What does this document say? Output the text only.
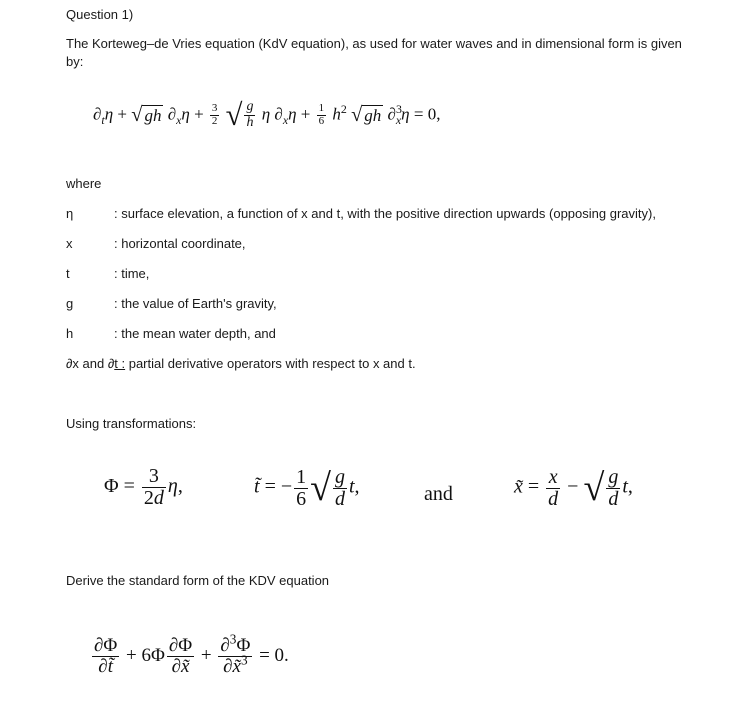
Question 1)
The Korteweg–de Vries equation (KdV equation), as used for water waves and in dimensional form is given by:
$\partial_t\eta$ + √ gh $\partial_x\eta + \frac{3}{2}$ √ $\frac{g}{h}$ η $\partial_x\eta + \frac{1}{6} h^2$ √ gh ∂$^3_x$η = 0,
where
η	: surface elevation, a function of x and t, with the positive direction upwards (opposing gravity),
x	: horizontal coordinate,
t	: time,
g	: the value of Earth's gravity,
h	: the mean water depth, and
∂x and ∂t : partial derivative operators with respect to x and t.
Using transformations:
$\Phi = \frac{3}{2d} \eta$,	t̃ = − $\frac{1}{6}$ √ $\frac{g}{d} t$,	and	x̃ = $\frac{x}{d}$ − √ $\frac{g}{d} t$,
Derive the standard form of the KDV equation
$\frac{\partial\Phi}{\partial t̃} + 6\Phi \frac{\partial\Phi}{\partial x̃} + \frac{\partial^3\Phi}{\partial x̃^3} = 0$.
